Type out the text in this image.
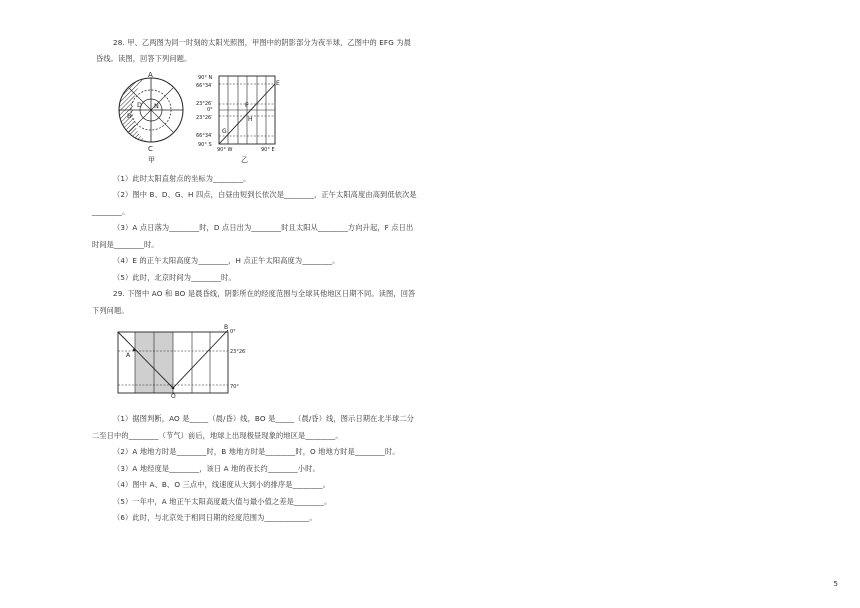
28. 甲、乙两图为同一时刻的太阳光照图，甲图中的阴影部分为夜半球，乙图中的 EFG 为晨
昏线。读图，回答下列问题。
A
C
B
D N
甲
90° N
66°34′
23°26′
0°
23°26′
66°34′
90° S
90° W	90° E
E
F
H
G
乙
（1）此时太阳直射点的坐标为________。
（2）图中 B、D、G、H 四点，白昼由短到长依次是________，正午太阳高度由高到低依次是
________。
（3）A 点日落为________时，D 点日出为________时且太阳从________方向升起，F 点日出
时间是________时。
（4）E 的正午太阳高度为________，H 点正午太阳高度为________。
（5）此时，北京时间为________时。
29. 下图中 AO 和 BO 是晨昏线，阴影所在的经度范围与全球其他地区日期不同。读图，回答
下列问题。
A
B
O
0°
23°26′
70°
（1）据图判断，AO 是_____（晨/昏）线，BO 是_____（晨/昏）线，图示日期在北半球二分
二至日中的________（节气）前后，地球上出现极昼现象的地区是________。
（2）A 地地方时是________时，B 地地方时是________时，O 地地方时是________时。
（3）A 地经度是________，该日 A 地的夜长约________小时。
（4）图中 A、B、O 三点中，线速度从大到小的排序是________。
（5）一年中，A 地正午太阳高度最大值与最小值之差是________。
（6）此时，与北京处于相同日期的经度范围为____________。
5
